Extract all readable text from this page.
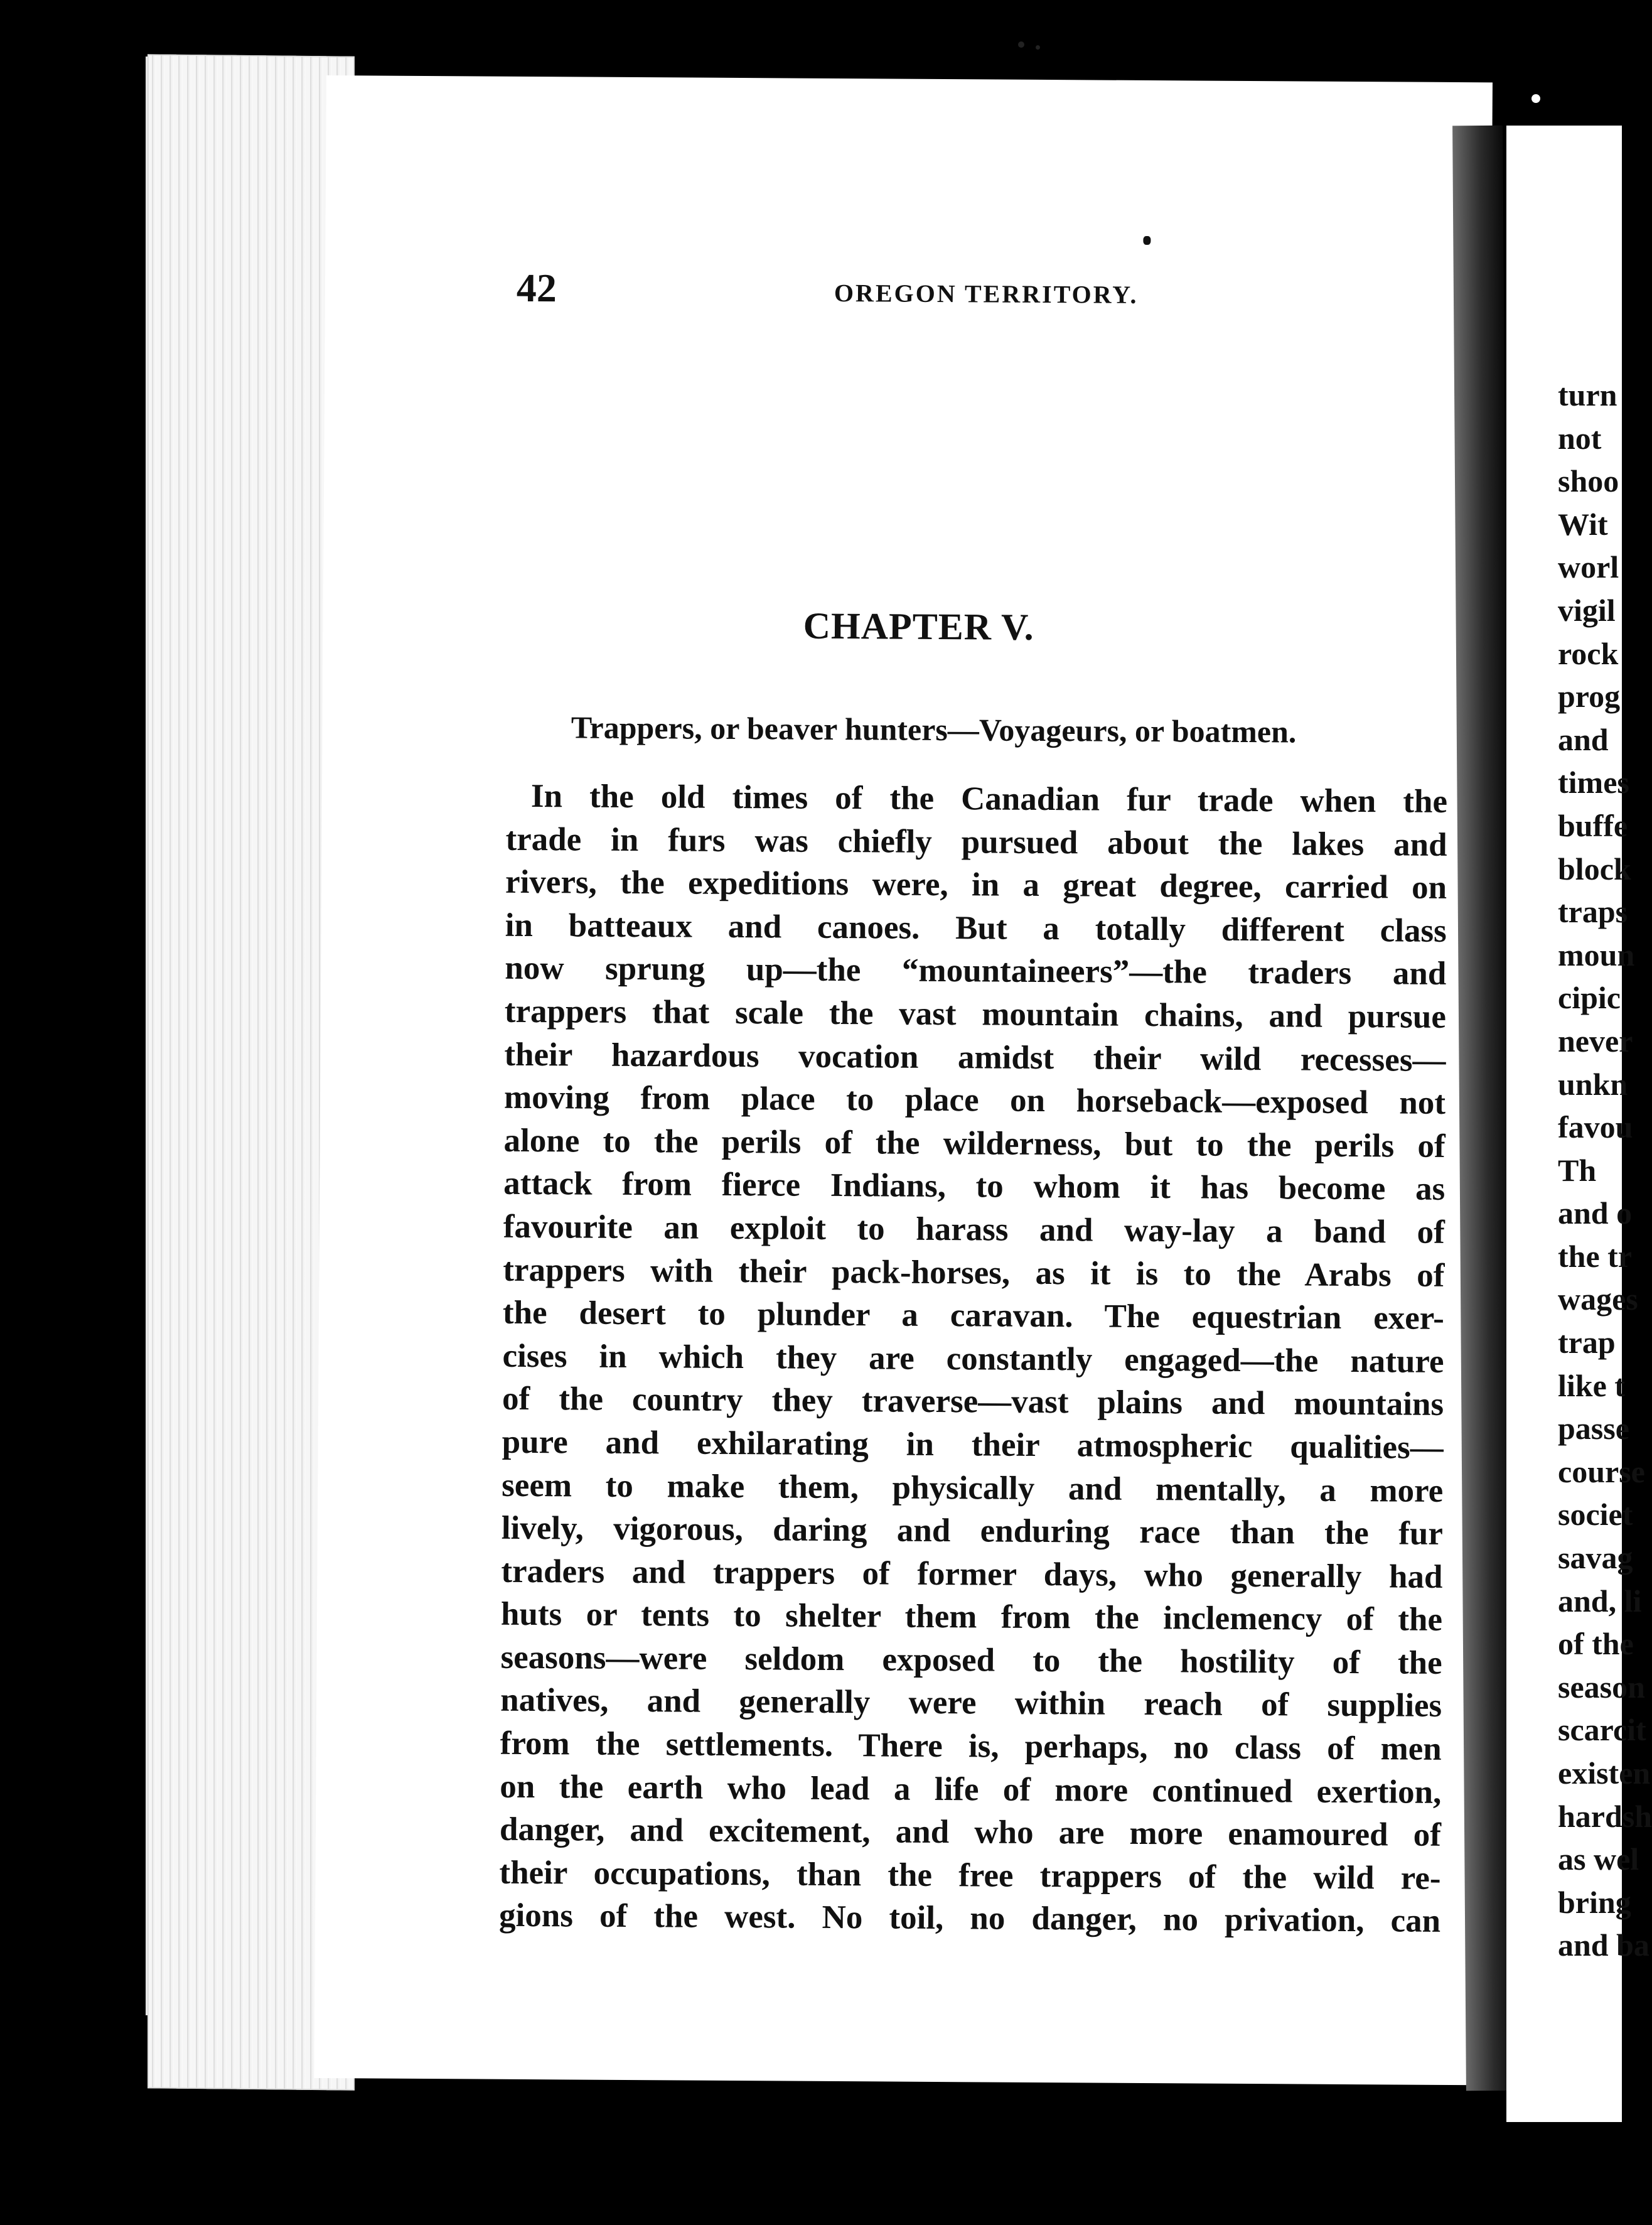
42	OREGON TERRITORY.
CHAPTER V.
Trappers, or beaver hunters—Voyageurs, or boatmen.
In the old times of the Canadian fur trade when the
trade in furs was chiefly pursued about the lakes and
rivers, the expeditions were, in a great degree, carried on
in batteaux and canoes. But a totally different class
now sprung up—the “mountaineers”—the traders and
trappers that scale the vast mountain chains, and pursue
their hazardous vocation amidst their wild recesses—
moving from place to place on horseback—exposed not
alone to the perils of the wilderness, but to the perils of
attack from fierce Indians, to whom it has become as
favourite an exploit to harass and way-lay a band of
trappers with their pack-horses, as it is to the Arabs of
the desert to plunder a caravan. The equestrian exer-
cises in which they are constantly engaged—the nature
of the country they traverse—vast plains and mountains
pure and exhilarating in their atmospheric qualities—
seem to make them, physically and mentally, a more
lively, vigorous, daring and enduring race than the fur
traders and trappers of former days, who generally had
huts or tents to shelter them from the inclemency of the
seasons—were seldom exposed to the hostility of the
natives, and generally were within reach of supplies
from the settlements. There is, perhaps, no class of men
on the earth who lead a life of more continued exertion,
danger, and excitement, and who are more enamoured of
their occupations, than the free trappers of the wild re-
gions of the west. No toil, no danger, no privation, can
turn
not
shoo
Wit
worl
vigil
rock
prog
and
times
buffe
block
traps
moun
cipic
never
unkn
favou
Th
and o
the tr
wages
trap
like t
passe
course
societ
savag
and, li
of the
season
scarcit
existen
hardsh
as wel
bring
and ba
